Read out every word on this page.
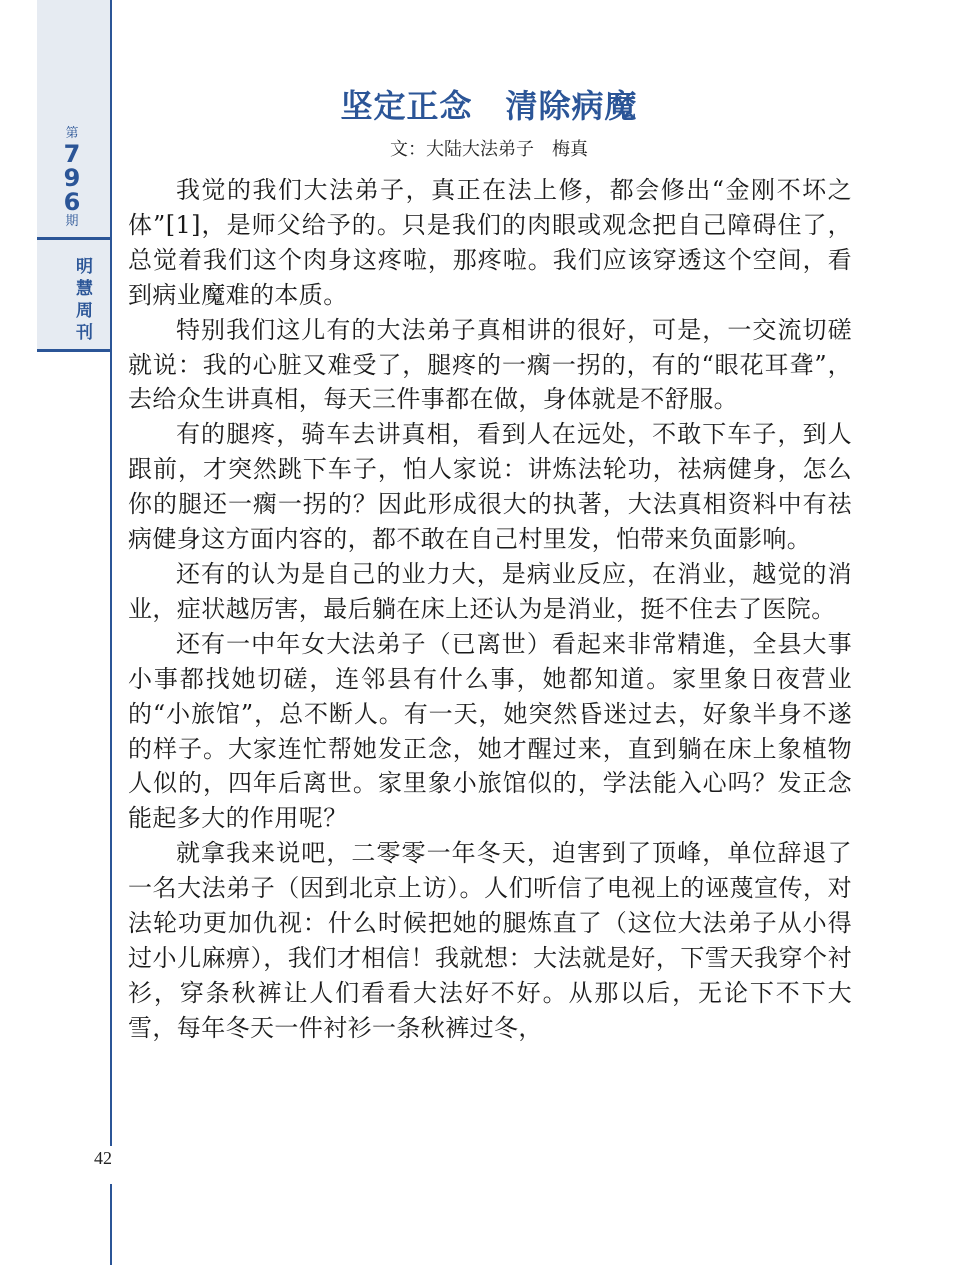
第
7
9
6
期
明
慧
周
刊
42
坚定正念　清除病魔
文：大陆大法弟子　梅真

我觉的我们大法弟子，真正在法上修，都会修出“金刚不坏之体”[1]，是师父给予的。只是我们的肉眼或观念把自己障碍住了，总觉着我们这个肉身这疼啦，那疼啦。我们应该穿透这个空间，看到病业魔难的本质。

特别我们这儿有的大法弟子真相讲的很好，可是，一交流切磋就说：我的心脏又难受了，腿疼的一瘸一拐的，有的“眼花耳聋”，去给众生讲真相，每天三件事都在做，身体就是不舒服。

有的腿疼，骑车去讲真相，看到人在远处，不敢下车子，到人跟前，才突然跳下车子，怕人家说：讲炼法轮功，祛病健身，怎么你的腿还一瘸一拐的？因此形成很大的执著，大法真相资料中有祛病健身这方面内容的，都不敢在自己村里发，怕带来负面影响。

还有的认为是自己的业力大，是病业反应，在消业，越觉的消业，症状越厉害，最后躺在床上还认为是消业，挺不住去了医院。

还有一中年女大法弟子（已离世）看起来非常精進，全县大事小事都找她切磋，连邻县有什么事，她都知道。家里象日夜营业的“小旅馆”，总不断人。有一天，她突然昏迷过去，好象半身不遂的样子。大家连忙帮她发正念，她才醒过来，直到躺在床上象植物人似的，四年后离世。家里象小旅馆似的，学法能入心吗？发正念能起多大的作用呢？

就拿我来说吧，二零零一年冬天，迫害到了顶峰，单位辞退了一名大法弟子（因到北京上访）。人们听信了电视上的诬蔑宣传，对法轮功更加仇视：什么时候把她的腿炼直了（这位大法弟子从小得过小儿麻痹），我们才相信！我就想：大法就是好，下雪天我穿个衬衫，穿条秋裤让人们看看大法好不好。从那以后，无论下不下大雪，每年冬天一件衬衫一条秋裤过冬，
